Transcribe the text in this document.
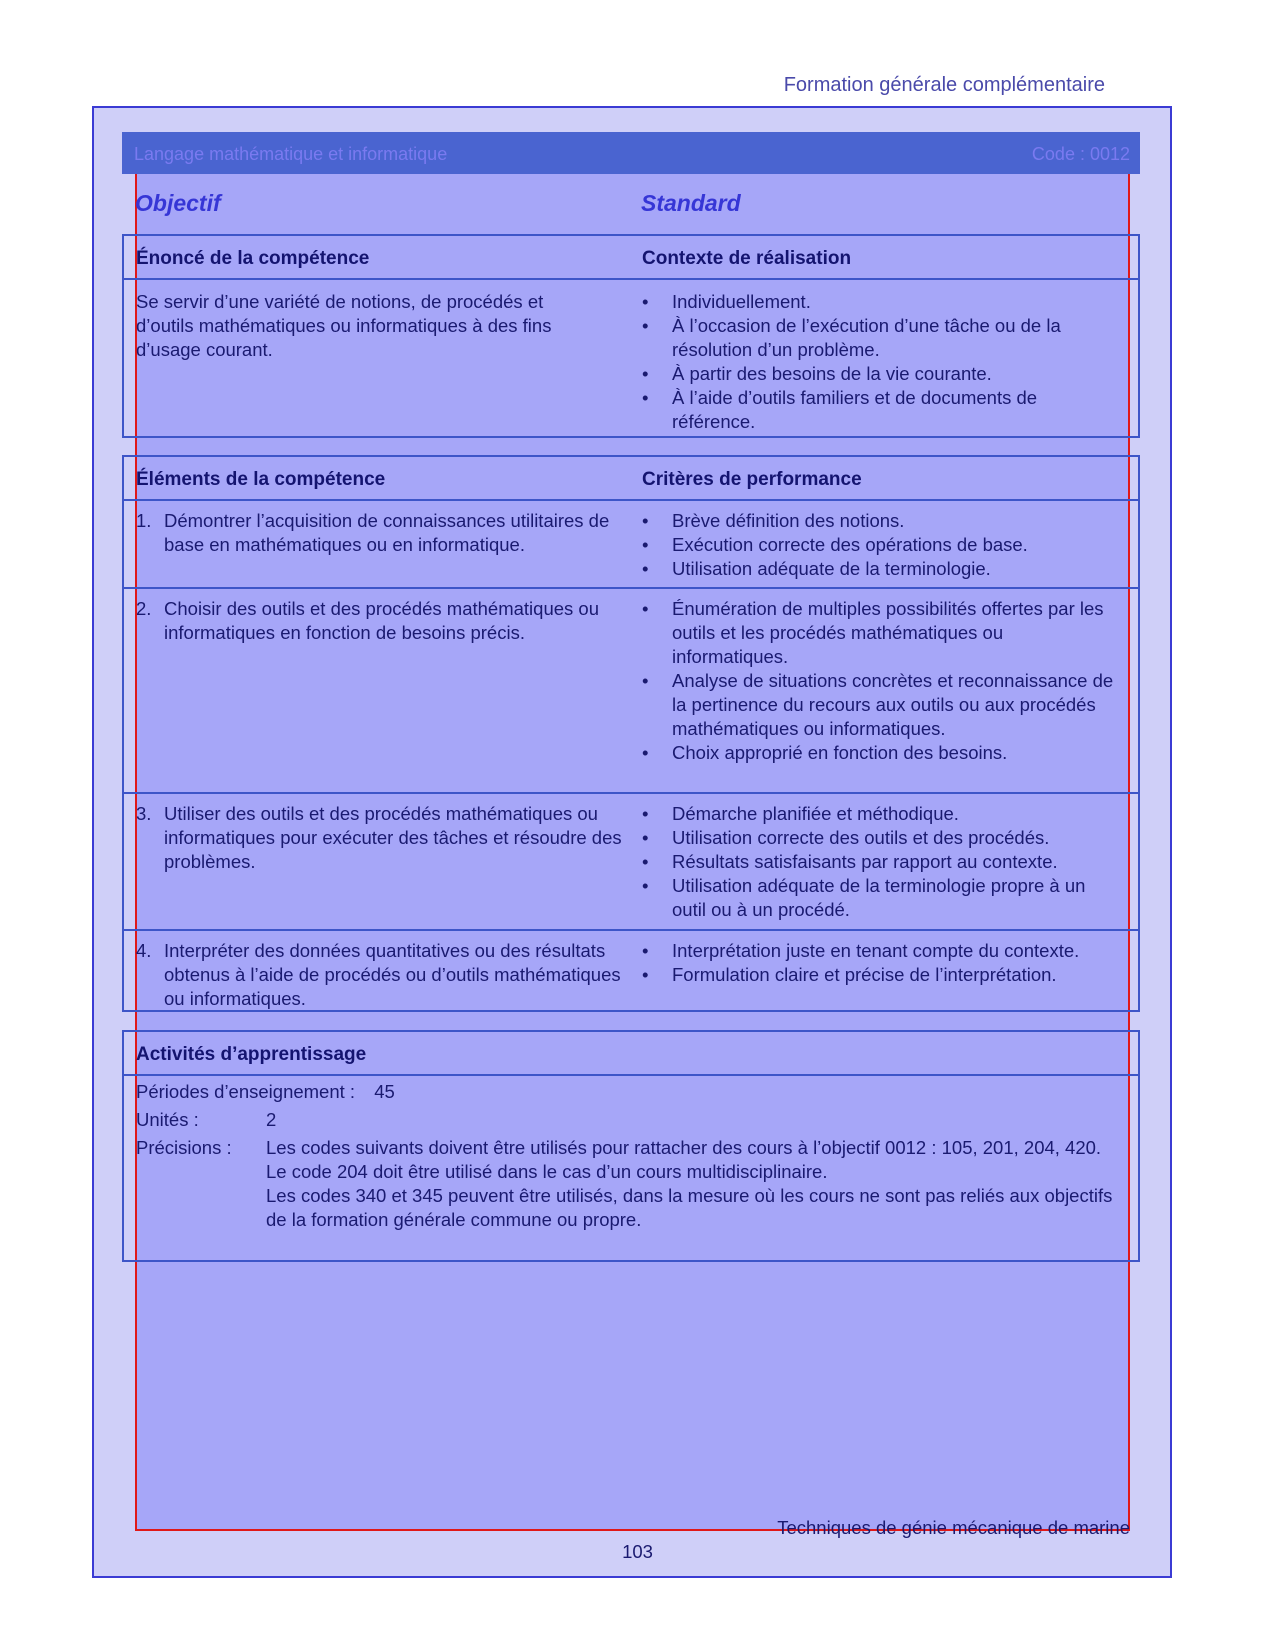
Formation générale complémentaire
Langage mathématique et informatique	Code : 0012
Objectif	Standard
Énoncé de la compétence	Contexte de réalisation
Se servir d’une variété de notions, de procédés et d’outils mathématiques ou informatiques à des fins d’usage courant.
• Individuellement.
• À l’occasion de l’exécution d’une tâche ou de la résolution d’un problème.
• À partir des besoins de la vie courante.
• À l’aide d’outils familiers et de documents de référence.
Éléments de la compétence	Critères de performance
1. Démontrer l’acquisition de connaissances utilitaires de base en mathématiques ou en informatique.
• Brève définition des notions.
• Exécution correcte des opérations de base.
• Utilisation adéquate de la terminologie.
2. Choisir des outils et des procédés mathématiques ou informatiques en fonction de besoins précis.
• Énumération de multiples possibilités offertes par les outils et les procédés mathématiques ou informatiques.
• Analyse de situations concrètes et reconnaissance de la pertinence du recours aux outils ou aux procédés mathématiques ou informatiques.
• Choix approprié en fonction des besoins.
3. Utiliser des outils et des procédés mathématiques ou informatiques pour exécuter des tâches et résoudre des problèmes.
• Démarche planifiée et méthodique.
• Utilisation correcte des outils et des procédés.
• Résultats satisfaisants par rapport au contexte.
• Utilisation adéquate de la terminologie propre à un outil ou à un procédé.
4. Interpréter des données quantitatives ou des résultats obtenus à l’aide de procédés ou d’outils mathématiques ou informatiques.
• Interprétation juste en tenant compte du contexte.
• Formulation claire et précise de l’interprétation.
Activités d’apprentissage
Périodes d’enseignement : 45
Unités :	2
Précisions : Les codes suivants doivent être utilisés pour rattacher des cours à l’objectif 0012 : 105, 201, 204, 420.
Le code 204 doit être utilisé dans le cas d’un cours multidisciplinaire.
Les codes 340 et 345 peuvent être utilisés, dans la mesure où les cours ne sont pas reliés aux objectifs de la formation générale commune ou propre.
Techniques de génie mécanique de marine
103
